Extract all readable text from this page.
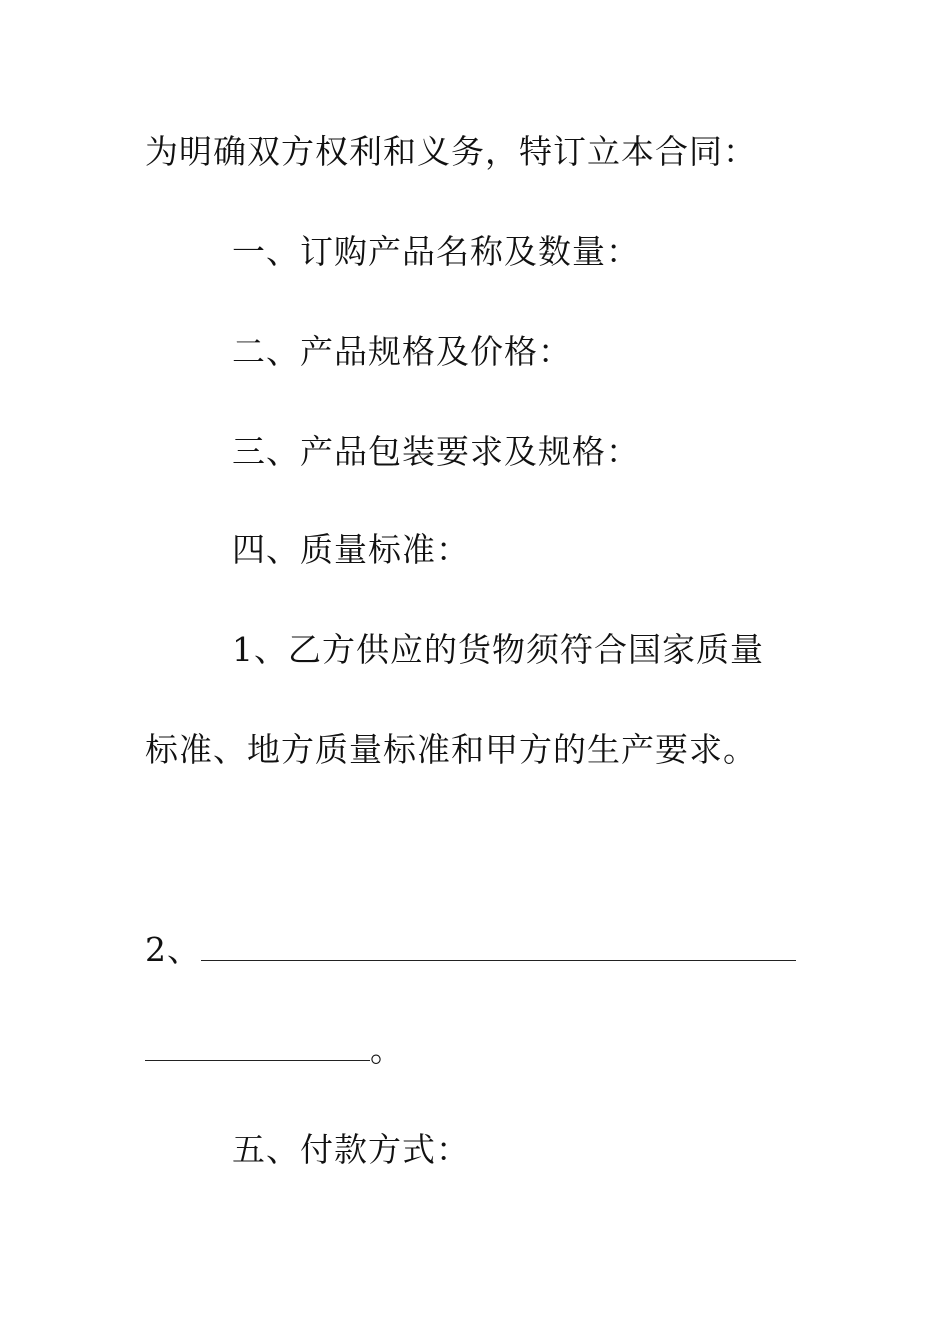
为明确双方权利和义务，特订立本合同：
一、订购产品名称及数量：
二、产品规格及价格：
三、产品包装要求及规格：
四、质量标准：
1、乙方供应的货物须符合国家质量
标准、地方质量标准和甲方的生产要求。
2、
。
五、付款方式：
